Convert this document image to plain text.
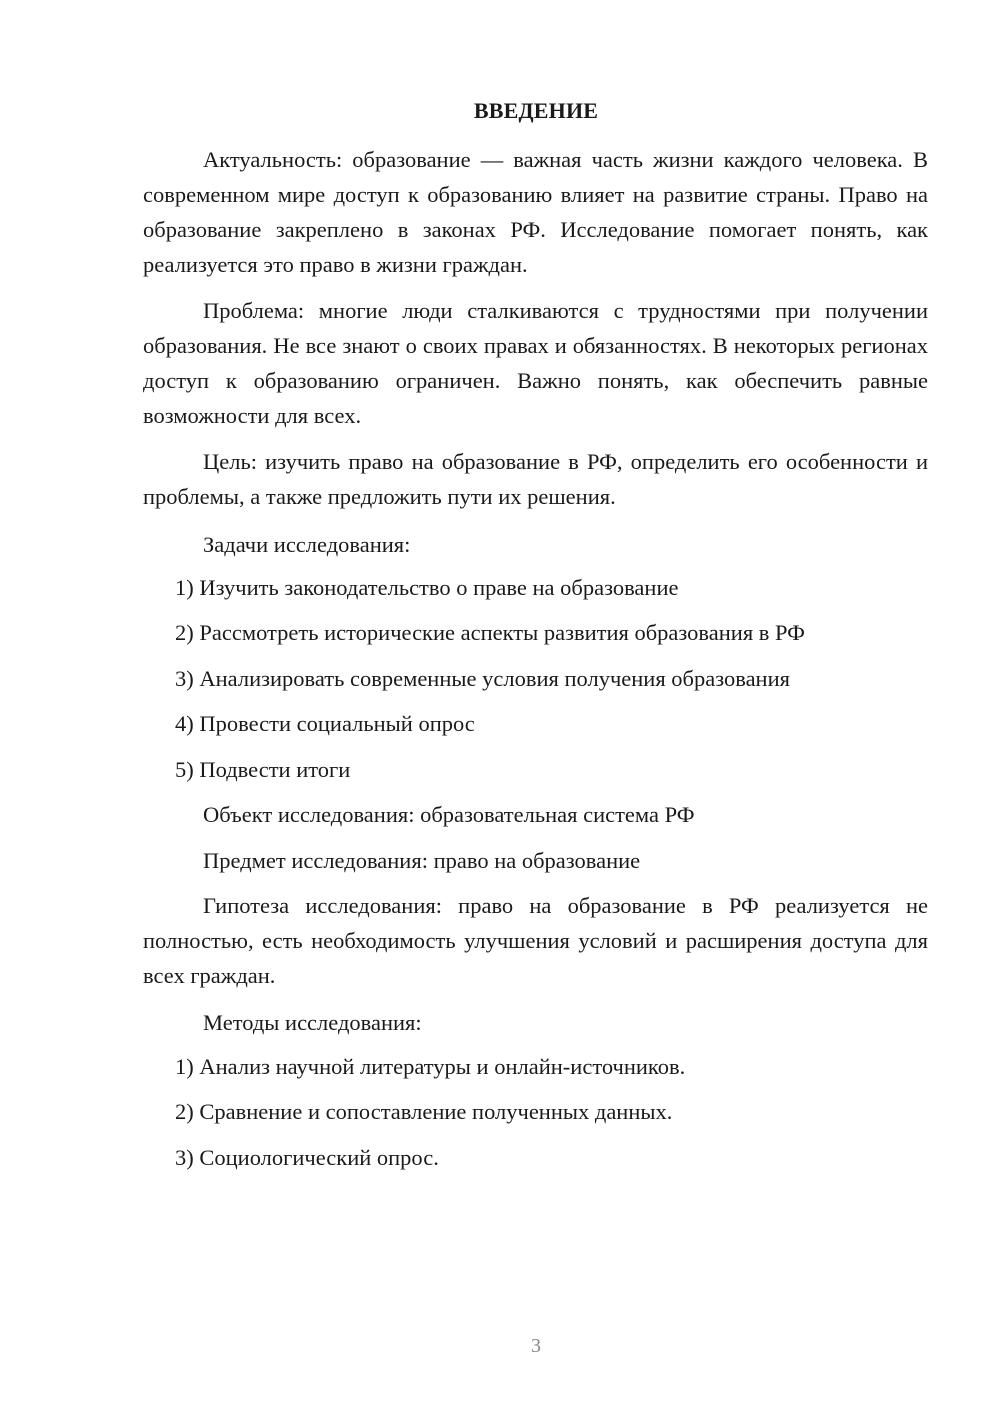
ВВЕДЕНИЕ
Актуальность: образование — важная часть жизни каждого человека. В современном мире доступ к образованию влияет на развитие страны. Право на образование закреплено в законах РФ. Исследование помогает понять, как реализуется это право в жизни граждан.
Проблема: многие люди сталкиваются с трудностями при получении образования. Не все знают о своих правах и обязанностях. В некоторых регионах доступ к образованию ограничен. Важно понять, как обеспечить равные возможности для всех.
Цель: изучить право на образование в РФ, определить его особенности и проблемы, а также предложить пути их решения.
Задачи исследования:
1) Изучить законодательство о праве на образование
2) Рассмотреть исторические аспекты развития образования в РФ
3) Анализировать современные условия получения образования
4) Провести социальный опрос
5) Подвести итоги
Объект исследования: образовательная система РФ
Предмет исследования: право на образование
Гипотеза исследования: право на образование в РФ реализуется не полностью, есть необходимость улучшения условий и расширения доступа для всех граждан.
Методы исследования:
1) Анализ научной литературы и онлайн-источников.
2) Сравнение и сопоставление полученных данных.
3) Социологический опрос.
3
